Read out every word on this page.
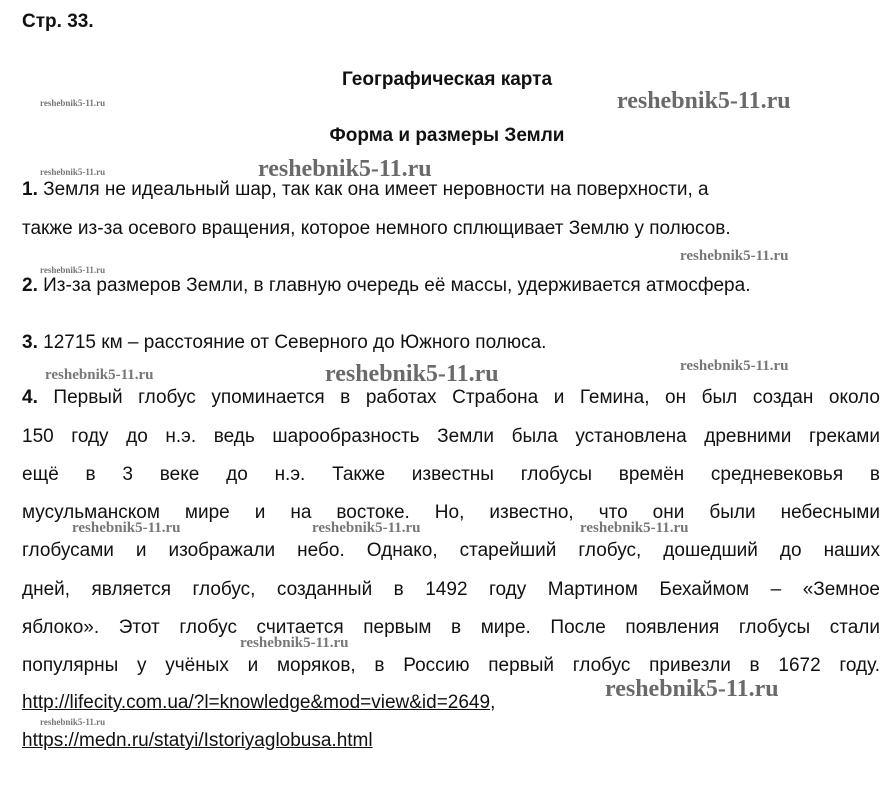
Стр. 33.
Географическая карта
Форма и размеры Земли
1. Земля не идеальный шар, так как она имеет неровности на поверхности, а
также из-за осевого вращения, которое немного сплющивает Землю у полюсов.
2. Из-за размеров Земли, в главную очередь её массы, удерживается атмосфера.
3. 12715 км – расстояние от Северного до Южного полюса.
4. Первый глобус упоминается в работах Страбона и Гемина, он был создан около
150 году до н.э. ведь шарообразность Земли была установлена древними греками
ещё в 3 веке до н.э. Также известны глобусы времён средневековья в
мусульманском мире и на востоке. Но, известно, что они были небесными
глобусами и изображали небо. Однако, старейший глобус, дошедший до наших
дней, является глобус, созданный в 1492 году Мартином Бехаймом – «Земное
яблоко». Этот глобус считается первым в мире. После появления глобусы стали
популярны у учёных и моряков, в Россию первый глобус привезли в 1672 году.
http://lifecity.com.ua/?l=knowledge&mod=view&id=2649,
https://medn.ru/statyi/Istoriyaglobusa.html
reshebnik5-11.ru
reshebnik5-11.ru
reshebnik5-11.ru
reshebnik5-11.ru
reshebnik5-11.ru
reshebnik5-11.ru
reshebnik5-11.ru
reshebnik5-11.ru
reshebnik5-11.ru
reshebnik5-11.ru
reshebnik5-11.ru
reshebnik5-11.ru	reshebnik5-11.ru	reshebnik5-11.ru
reshebnik5-11.ru
